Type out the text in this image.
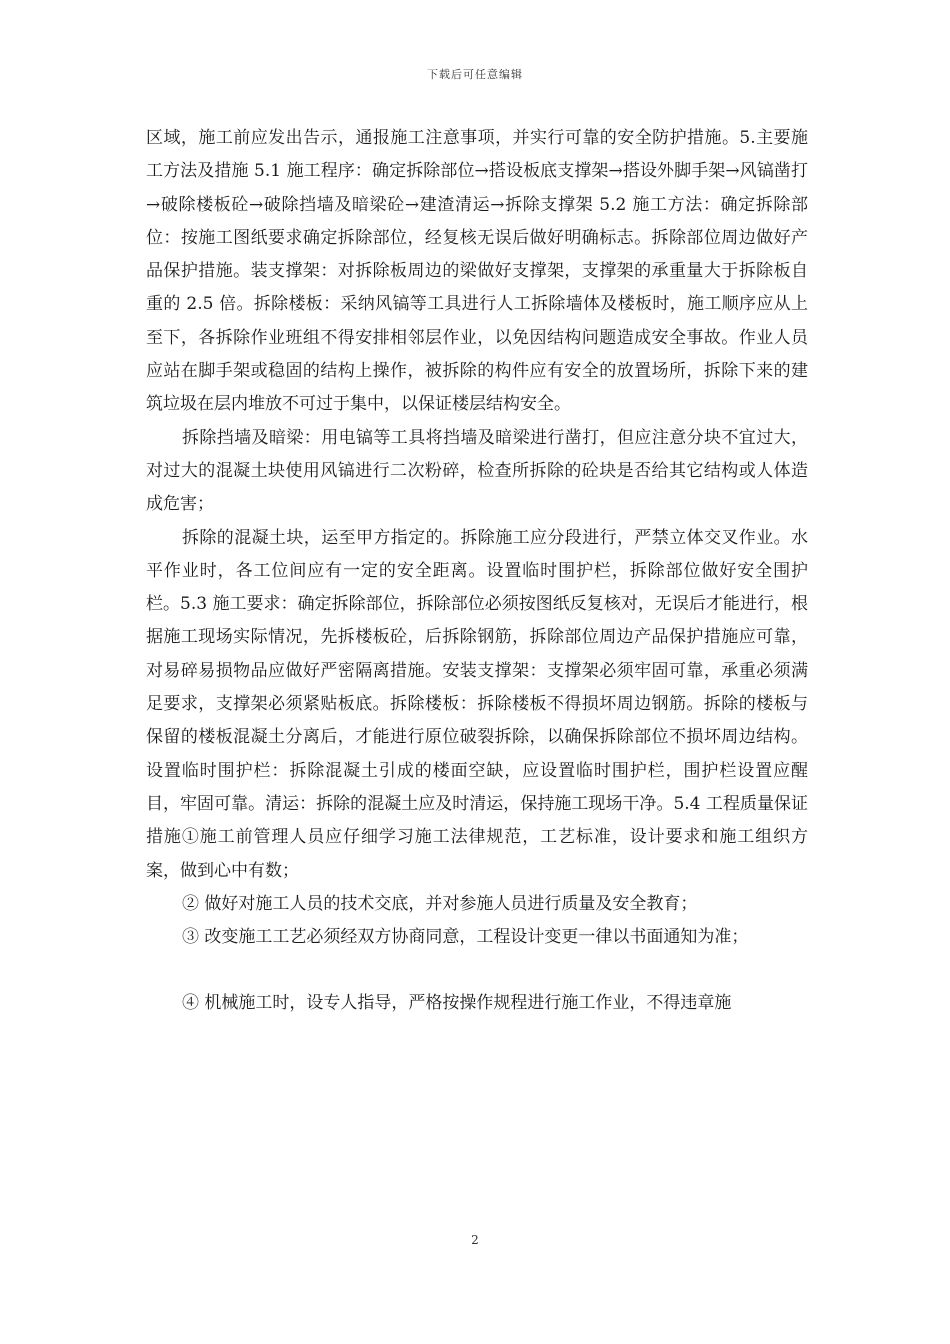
下载后可任意编辑

区域，施工前应发出告示，通报施工注意事项，并实行可靠的安全防护措施。5.主要施工方法及措施 5.1 施工程序：确定拆除部位→搭设板底支撑架→搭设外脚手架→风镐凿打→破除楼板砼→破除挡墙及暗梁砼→建渣清运→拆除支撑架 5.2 施工方法：确定拆除部位：按施工图纸要求确定拆除部位，经复核无误后做好明确标志。拆除部位周边做好产品保护措施。装支撑架：对拆除板周边的梁做好支撑架，支撑架的承重量大于拆除板自重的 2.5 倍。拆除楼板：采纳风镐等工具进行人工拆除墙体及楼板时，施工顺序应从上至下，各拆除作业班组不得安排相邻层作业，以免因结构问题造成安全事故。作业人员应站在脚手架或稳固的结构上操作，被拆除的构件应有安全的放置场所，拆除下来的建筑垃圾在层内堆放不可过于集中，以保证楼层结构安全。

拆除挡墙及暗梁：用电镐等工具将挡墙及暗梁进行凿打，但应注意分块不宜过大，对过大的混凝土块使用风镐进行二次粉碎，检查所拆除的砼块是否给其它结构或人体造成危害；

拆除的混凝土块，运至甲方指定的。拆除施工应分段进行，严禁立体交叉作业。水平作业时，各工位间应有一定的安全距离。设置临时围护栏，拆除部位做好安全围护栏。5.3 施工要求：确定拆除部位，拆除部位必须按图纸反复核对，无误后才能进行，根据施工现场实际情况，先拆楼板砼，后拆除钢筋，拆除部位周边产品保护措施应可靠，对易碎易损物品应做好严密隔离措施。安装支撑架：支撑架必须牢固可靠，承重必须满足要求，支撑架必须紧贴板底。拆除楼板：拆除楼板不得损坏周边钢筋。拆除的楼板与保留的楼板混凝土分离后，才能进行原位破裂拆除，以确保拆除部位不损坏周边结构。设置临时围护栏：拆除混凝土引成的楼面空缺，应设置临时围护栏，围护栏设置应醒目，牢固可靠。清运：拆除的混凝土应及时清运，保持施工现场干净。5.4 工程质量保证措施①施工前管理人员应仔细学习施工法律规范，工艺标准，设计要求和施工组织方案，做到心中有数；

② 做好对施工人员的技术交底，并对参施人员进行质量及安全教育；

③ 改变施工工艺必须经双方协商同意，工程设计变更一律以书面通知为准；

④ 机械施工时，设专人指导，严格按操作规程进行施工作业，不得违章施

2
